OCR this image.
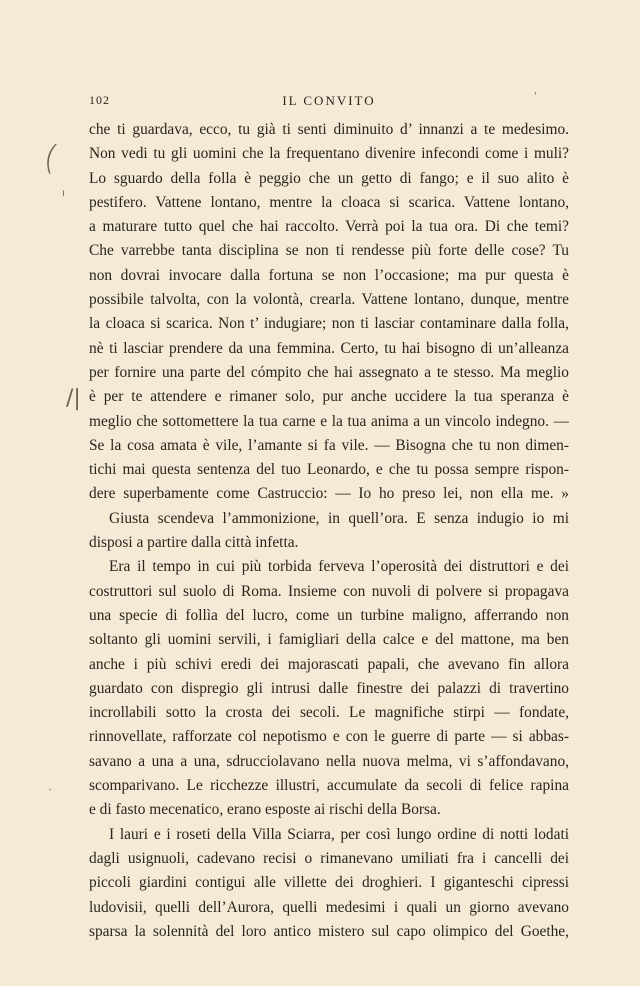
102	IL CONVITO	ʹ
(
ı
/|
ˎ
che ti guardava, ecco, tu già ti senti diminuito d’ innanzi a te medesimo.
Non vedi tu gli uomini che la frequentano divenire infecondi come i muli?
Lo sguardo della folla è peggio che un getto di fango; e il suo alito è
pestifero. Vattene lontano, mentre la cloaca si scarica. Vattene lontano,
a maturare tutto quel che hai raccolto. Verrà poi la tua ora. Di che temi?
Che varrebbe tanta disciplina se non ti rendesse più forte delle cose? Tu
non dovrai invocare dalla fortuna se non l’occasione; ma pur questa è
possibile talvolta, con la volontà, crearla. Vattene lontano, dunque, mentre
la cloaca si scarica. Non t’ indugiare; non ti lasciar contaminare dalla folla,
nè ti lasciar prendere da una femmina. Certo, tu hai bisogno di un’alleanza
per fornire una parte del cómpito che hai assegnato a te stesso. Ma meglio
è per te attendere e rimaner solo, pur anche uccidere la tua speranza è
meglio che sottomettere la tua carne e la tua anima a un vincolo indegno. —
Se la cosa amata è vile, l’amante si fa vile. — Bisogna che tu non dimen-
tichi mai questa sentenza del tuo Leonardo, e che tu possa sempre rispon-
dere superbamente come Castruccio: — Io ho preso lei, non ella me. »
Giusta scendeva l’ammonizione, in quell’ora. E senza indugio io mi
disposi a partire dalla città infetta.
Era il tempo in cui più torbida ferveva l’operosità dei distruttori e dei
costruttori sul suolo di Roma. Insieme con nuvoli di polvere si propagava
una specie di follìa del lucro, come un turbine maligno, afferrando non
soltanto gli uomini servili, i famigliari della calce e del mattone, ma ben
anche i più schivi eredi dei majorascati papali, che avevano fin allora
guardato con dispregio gli intrusi dalle finestre dei palazzi di travertino
incrollabili sotto la crosta dei secoli. Le magnifiche stirpi — fondate,
rinnovellate, rafforzate col nepotismo e con le guerre di parte — si abbas-
savano a una a una, sdrucciolavano nella nuova melma, vi s’affondavano,
scomparivano. Le ricchezze illustri, accumulate da secoli di felice rapina
e di fasto mecenatico, erano esposte ai rischi della Borsa.
I lauri e i roseti della Villa Sciarra, per così lungo ordine di notti lodati
dagli usignuoli, cadevano recisi o rimanevano umiliati fra i cancelli dei
piccoli giardini contigui alle villette dei droghieri. I giganteschi cipressi
ludovisii, quelli dell’Aurora, quelli medesimi i quali un giorno avevano
sparsa la solennità del loro antico mistero sul capo olimpico del Goethe,
